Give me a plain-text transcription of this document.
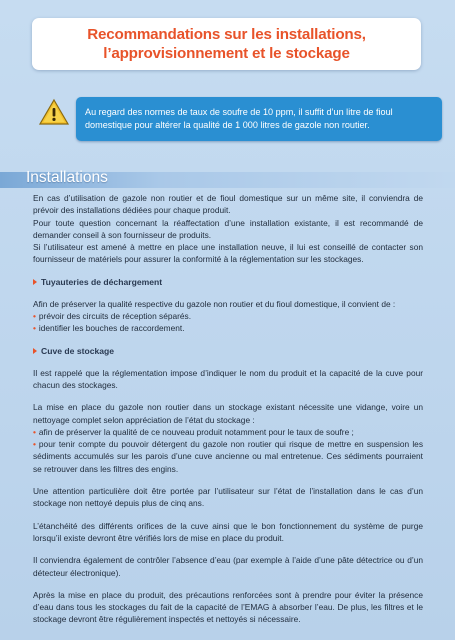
Recommandations sur les installations,
l’approvisionnement et le stockage
Au regard des normes de taux de soufre de 10 ppm, il suffit d’un litre de fioul domestique pour altérer la qualité de 1 000 litres de gazole non routier.
Installations

En cas d’utilisation de gazole non routier et de fioul domestique sur un même site, il conviendra de prévoir des installations dédiées pour chaque produit.

Pour toute question concernant la réaffectation d’une installation existante, il est recommandé de demander conseil à son fournisseur de produits.

Si l’utilisateur est amené à mettre en place une installation neuve, il lui est conseillé de contacter son fournisseur de matériels pour assurer la conformité à la réglementation sur les stockages.

Tuyauteries de déchargement

Afin de préserver la qualité respective du gazole non routier et du fioul domestique, il convient de :

• prévoir des circuits de réception séparés.
• identifier les bouches de raccordement.
Cuve de stockage

Il est rappelé que la réglementation impose d’indiquer le nom du produit et la capacité de la cuve pour chacun des stockages.

La mise en place du gazole non routier dans un stockage existant nécessite une vidange, voire un nettoyage complet selon appréciation de l’état du stockage :

• afin de préserver la qualité de ce nouveau produit notamment pour le taux de soufre ;

• pour tenir compte du pouvoir détergent du gazole non routier qui risque de mettre en suspension les sédiments accumulés sur les parois d’une cuve ancienne ou mal entretenue. Ces sédiments pourraient se retrouver dans les filtres des engins.

Une attention particulière doit être portée par l’utilisateur sur l’état de l’installation dans le cas d’un stockage non nettoyé depuis plus de cinq ans.

L’étanchéité des différents orifices de la cuve ainsi que le bon fonctionnement du système de purge lorsqu’il existe devront être vérifiés lors de mise en place du produit.

Il conviendra également de contrôler l’absence d’eau (par exemple à l’aide d’une pâte détectrice ou d’un détecteur électronique).

Après la mise en place du produit, des précautions renforcées sont à prendre pour éviter la présence d’eau dans tous les stockages du fait de la capacité de l’EMAG à absorber l’eau. De plus, les filtres et le stockage devront être régulièrement inspectés et nettoyés si nécessaire.
